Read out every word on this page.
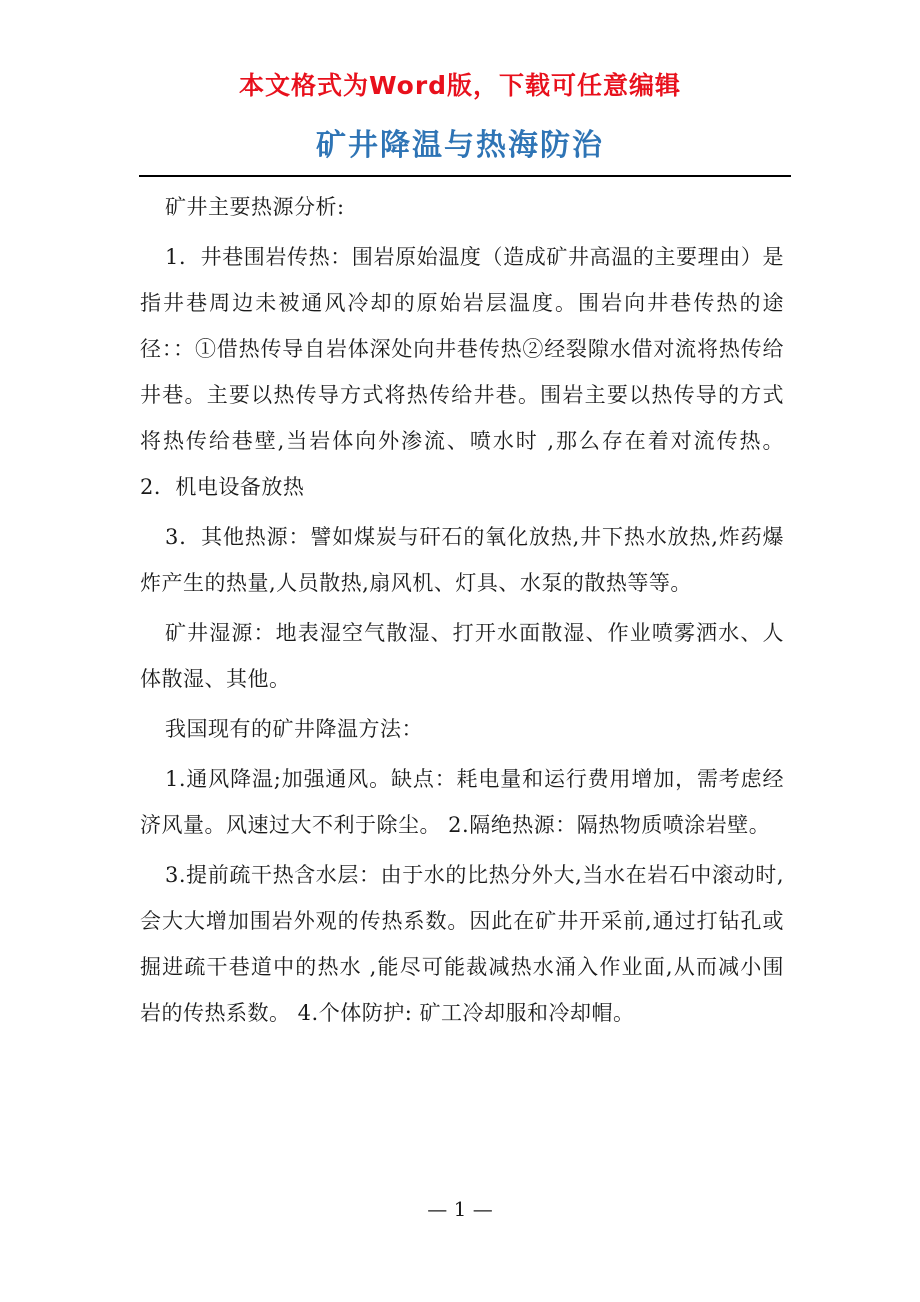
本文格式为Word版，下载可任意编辑
矿井降温与热海防治

矿井主要热源分析:

1．井巷围岩传热：围岩原始温度（造成矿井高温的主要理由）是指井巷周边未被通风冷却的原始岩层温度。围岩向井巷传热的途径：：①借热传导自岩体深处向井巷传热②经裂隙水借对流将热传给井巷。主要以热传导方式将热传给井巷。围岩主要以热传导的方式将热传给巷壁,当岩体向外渗流、喷水时 ,那么存在着对流传热。 2．机电设备放热

3．其他热源：譬如煤炭与矸石的氧化放热,井下热水放热,炸药爆炸产生的热量,人员散热,扇风机、灯具、水泵的散热等等。

矿井湿源：地表湿空气散湿、打开水面散湿、作业喷雾洒水、人体散湿、其他。

我国现有的矿井降温方法：

1.通风降温;加强通风。缺点：耗电量和运行费用增加，需考虑经济风量。风速过大不利于除尘。 2.隔绝热源：隔热物质喷涂岩壁。

3.提前疏干热含水层：由于水的比热分外大,当水在岩石中滚动时,会大大增加围岩外观的传热系数。因此在矿井开采前,通过打钻孔或掘进疏干巷道中的热水 ,能尽可能裁减热水涌入作业面,从而减小围岩的传热系数。 4.个体防护: 矿工冷却服和冷却帽。

— 1 —
